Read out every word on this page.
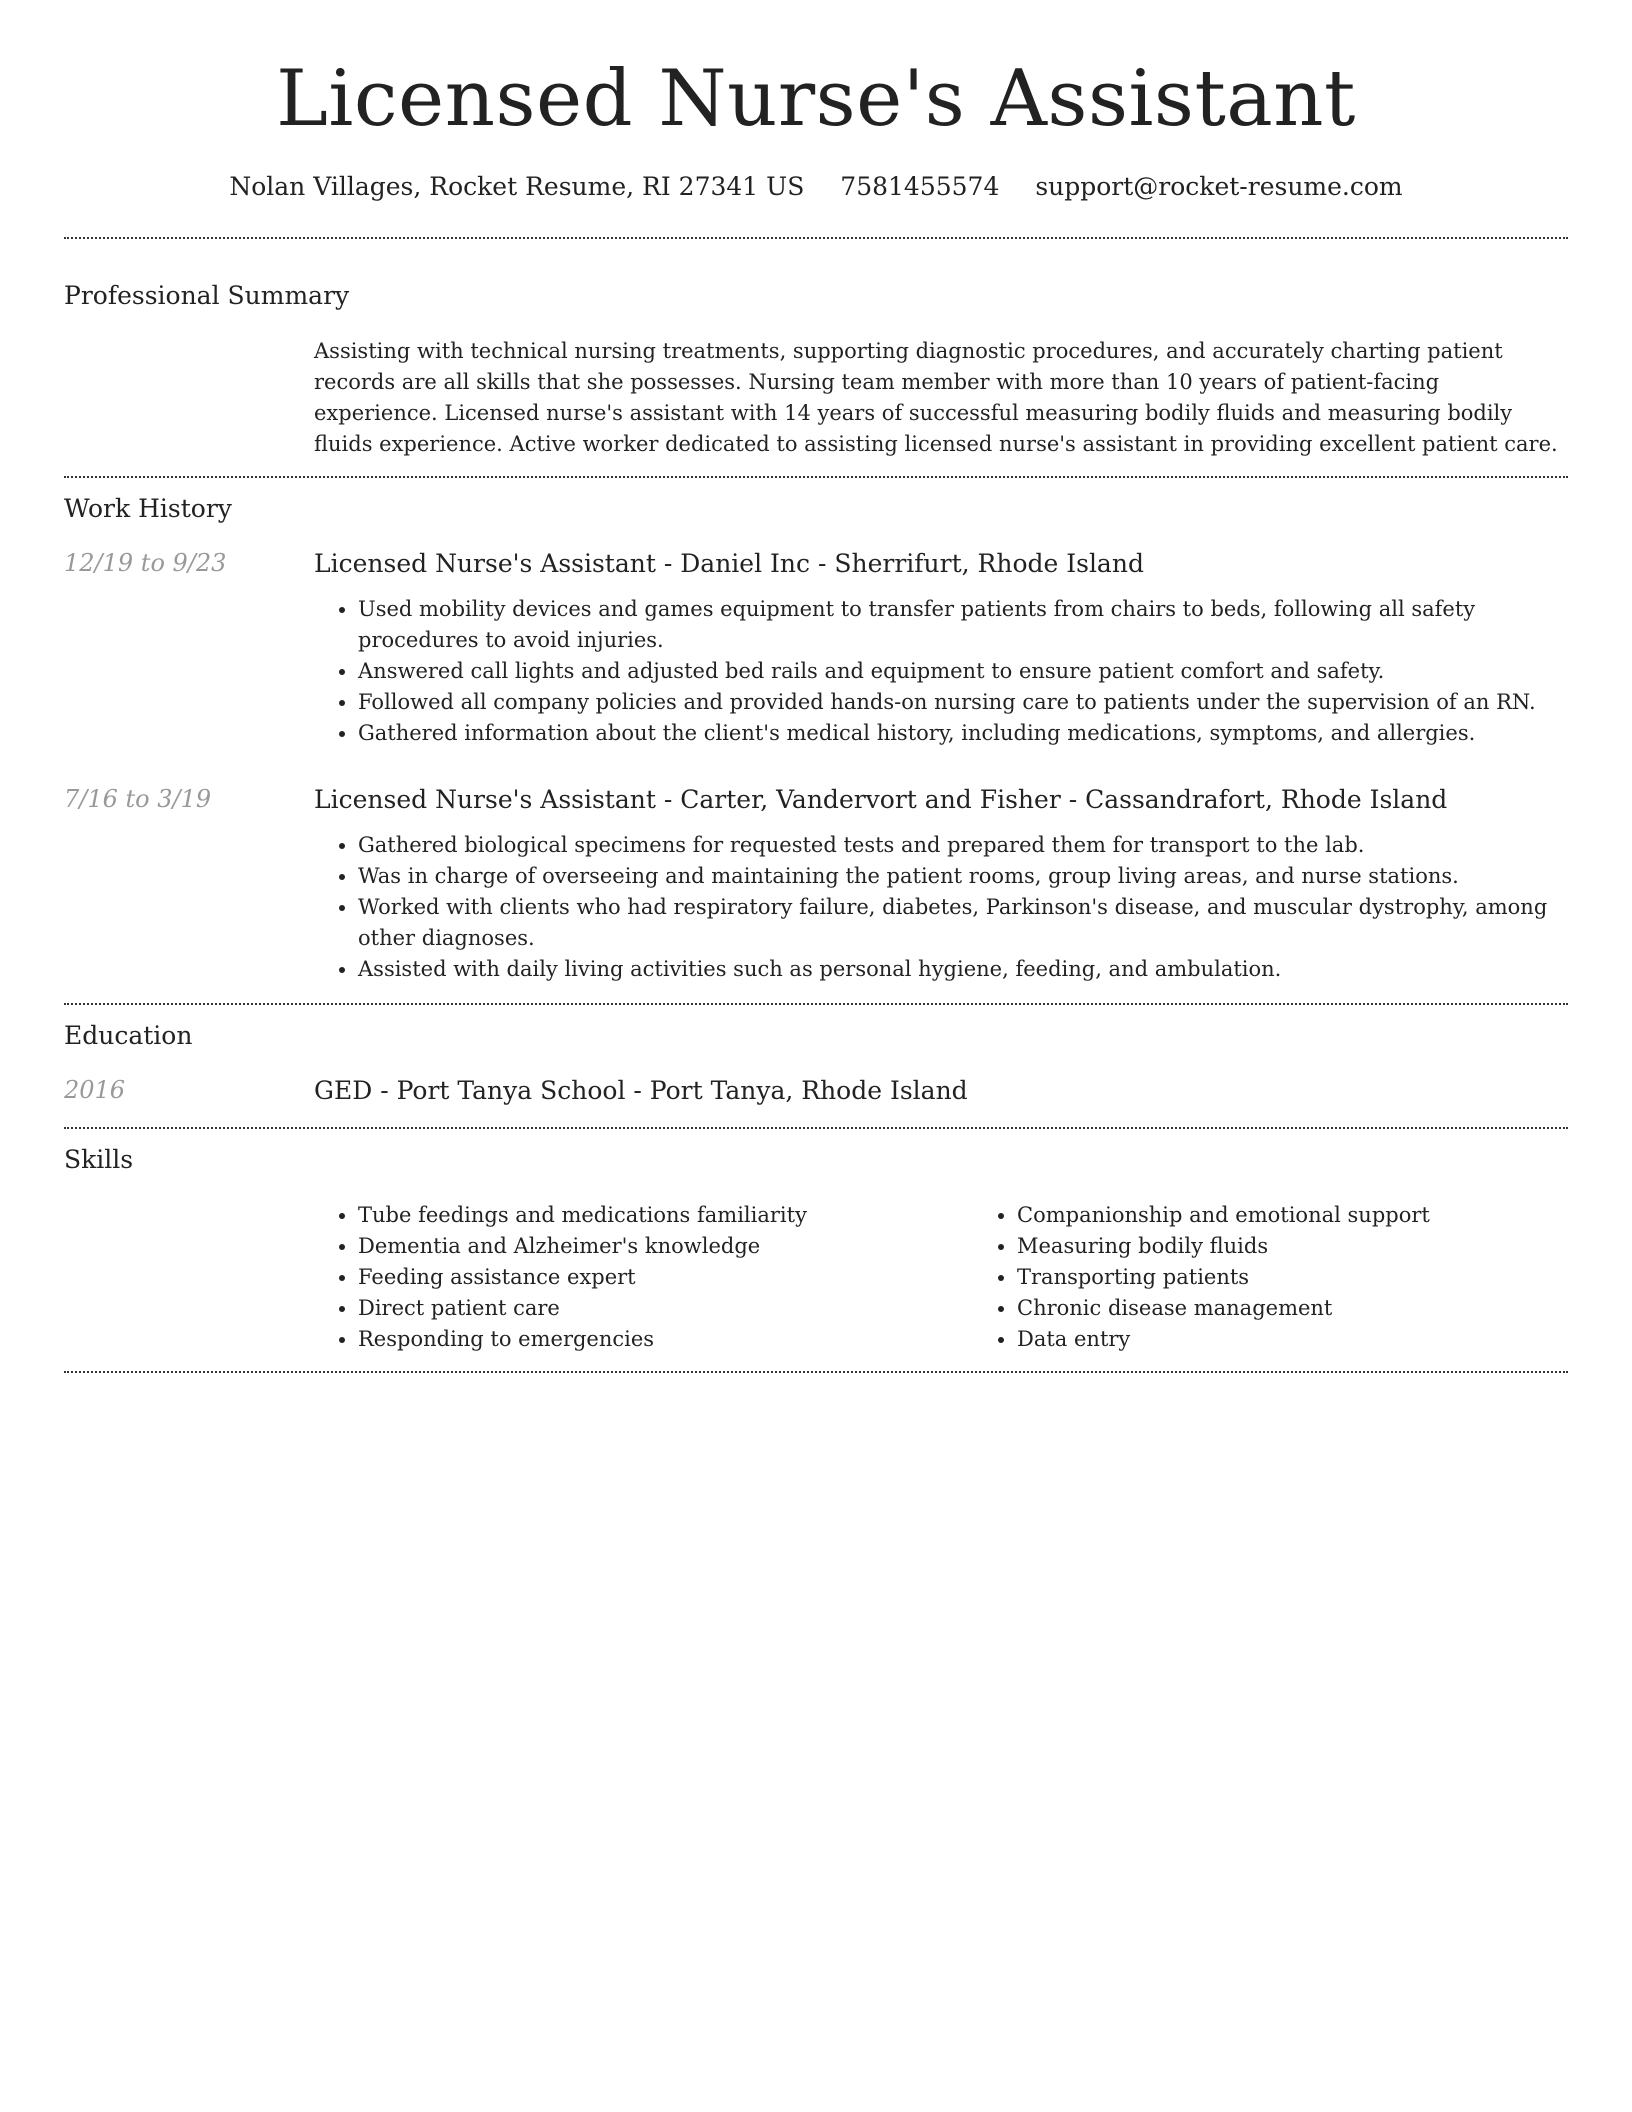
Licensed Nurse's Assistant
Nolan Villages, Rocket Resume, RI 27341 US 7581455574 support@rocket-resume.com
Professional Summary
Assisting with technical nursing treatments, supporting diagnostic procedures, and accurately charting patient records are all skills that she possesses. Nursing team member with more than 10 years of patient-facing experience. Licensed nurse's assistant with 14 years of successful measuring bodily fluids and measuring bodily fluids experience. Active worker dedicated to assisting licensed nurse's assistant in providing excellent patient care.
Work History
12/19 to 9/23	Licensed Nurse's Assistant - Daniel Inc - Sherrifurt, Rhode Island
• Used mobility devices and games equipment to transfer patients from chairs to beds, following all safety procedures to avoid injuries.
• Answered call lights and adjusted bed rails and equipment to ensure patient comfort and safety.
• Followed all company policies and provided hands-on nursing care to patients under the supervision of an RN.
• Gathered information about the client's medical history, including medications, symptoms, and allergies.
7/16 to 3/19	Licensed Nurse's Assistant - Carter, Vandervort and Fisher - Cassandrafort, Rhode Island
• Gathered biological specimens for requested tests and prepared them for transport to the lab.
• Was in charge of overseeing and maintaining the patient rooms, group living areas, and nurse stations.
• Worked with clients who had respiratory failure, diabetes, Parkinson's disease, and muscular dystrophy, among other diagnoses.
• Assisted with daily living activities such as personal hygiene, feeding, and ambulation.
Education
2016	GED - Port Tanya School - Port Tanya, Rhode Island
Skills
• Tube feedings and medications familiarity
• Dementia and Alzheimer's knowledge
• Feeding assistance expert
• Direct patient care
• Responding to emergencies
• Companionship and emotional support
• Measuring bodily fluids
• Transporting patients
• Chronic disease management
• Data entry
